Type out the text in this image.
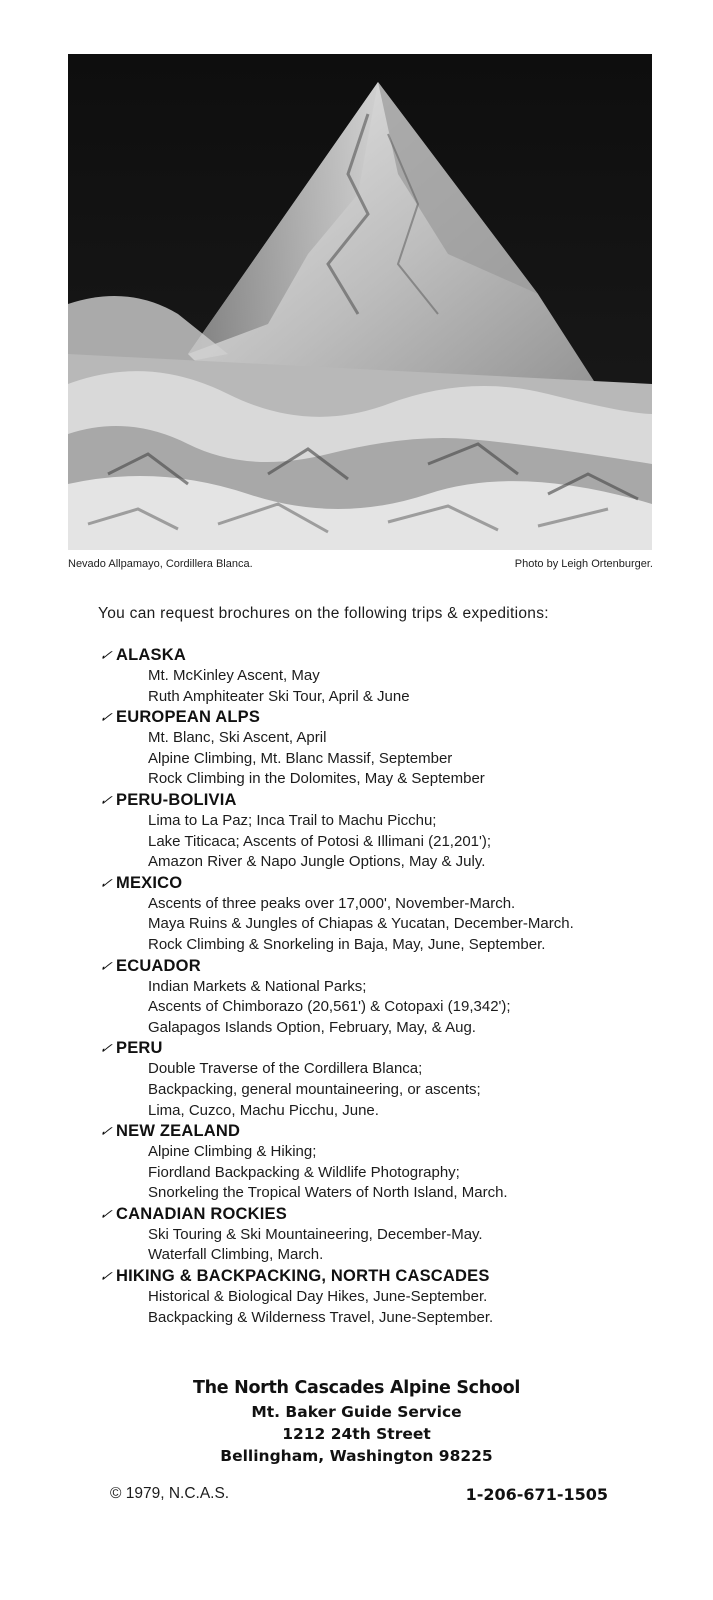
Nevado Allpamayo, Cordillera Blanca.	Photo by Leigh Ortenburger.
You can request brochures on the following trips & expeditions:
✓ ALASKA
Mt. McKinley Ascent, May
Ruth Amphiteater Ski Tour, April & June
✓ EUROPEAN ALPS
Mt. Blanc, Ski Ascent, April
Alpine Climbing, Mt. Blanc Massif, September
Rock Climbing in the Dolomites, May & September
✓ PERU-BOLIVIA
Lima to La Paz; Inca Trail to Machu Picchu;
Lake Titicaca; Ascents of Potosi & Illimani (21,201');
Amazon River & Napo Jungle Options, May & July.
✓ MEXICO
Ascents of three peaks over 17,000', November-March.
Maya Ruins & Jungles of Chiapas & Yucatan, December-March.
Rock Climbing & Snorkeling in Baja, May, June, September.
✓ ECUADOR
Indian Markets & National Parks;
Ascents of Chimborazo (20,561') & Cotopaxi (19,342');
Galapagos Islands Option, February, May, & Aug.
✓ PERU
Double Traverse of the Cordillera Blanca;
Backpacking, general mountaineering, or ascents;
Lima, Cuzco, Machu Picchu, June.
✓ NEW ZEALAND
Alpine Climbing & Hiking;
Fiordland Backpacking & Wildlife Photography;
Snorkeling the Tropical Waters of North Island, March.
✓ CANADIAN ROCKIES
Ski Touring & Ski Mountaineering, December-May.
Waterfall Climbing, March.
✓ HIKING & BACKPACKING, NORTH CASCADES
Historical & Biological Day Hikes, June-September.
Backpacking & Wilderness Travel, June-September.
The North Cascades Alpine School
Mt. Baker Guide Service
1212 24th Street
Bellingham, Washington 98225
© 1979, N.C.A.S.	1-206-671-1505
